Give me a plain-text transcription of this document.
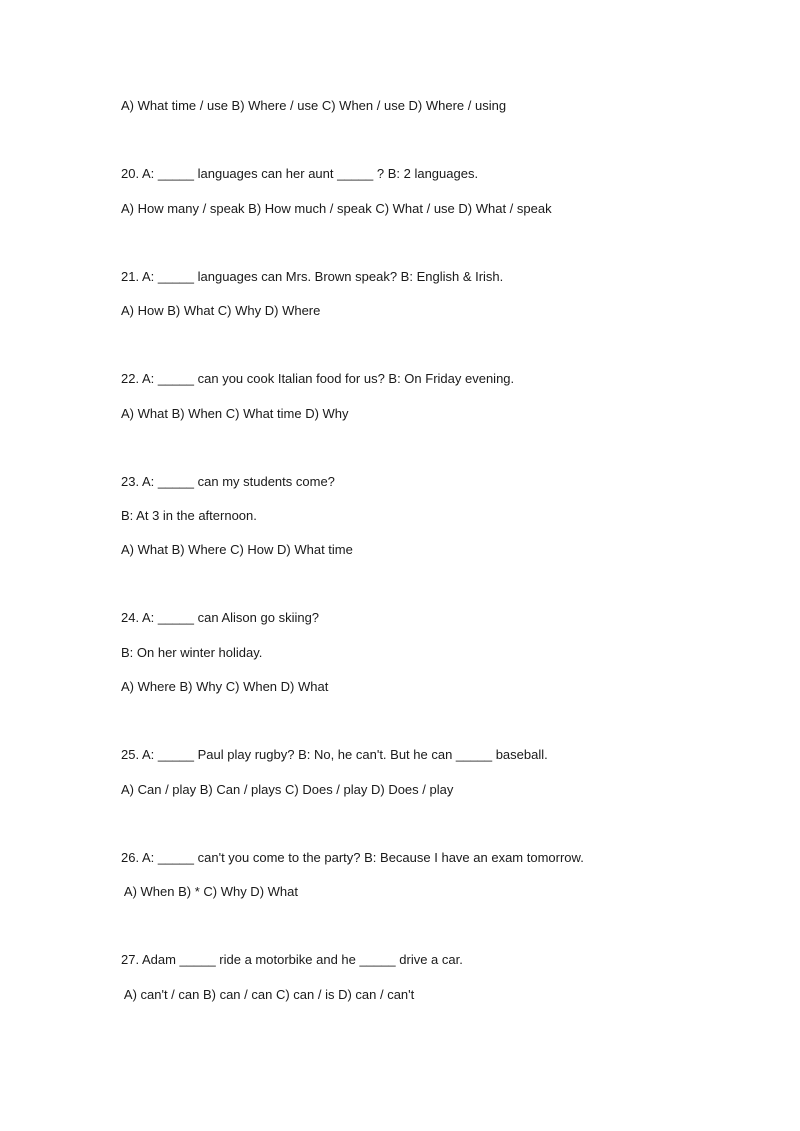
A) What time / use B) Where / use C) When / use D) Where / using
20. A: _____ languages can her aunt _____ ? B: 2 languages.
A) How many / speak B) How much / speak C) What / use D) What / speak
21. A: _____ languages can Mrs. Brown speak? B: English & Irish.
A) How B) What C) Why D) Where
22. A: _____ can you cook Italian food for us? B: On Friday evening.
A) What B) When C) What time D) Why
23. A: _____ can my students come?
B: At 3 in the afternoon.
A) What B) Where C) How D) What time
24. A: _____ can Alison go skiing?
B: On her winter holiday.
A) Where B) Why C) When D) What
25. A: _____ Paul play rugby? B: No, he can't. But he can _____ baseball.
A) Can / play B) Can / plays C) Does / play D) Does / play
26. A: _____ can't you come to the party? B: Because I have an exam tomorrow.
A) When B) * C) Why D) What
27. Adam _____ ride a motorbike and he _____ drive a car.
A) can't / can B) can / can C) can / is D) can / can't
